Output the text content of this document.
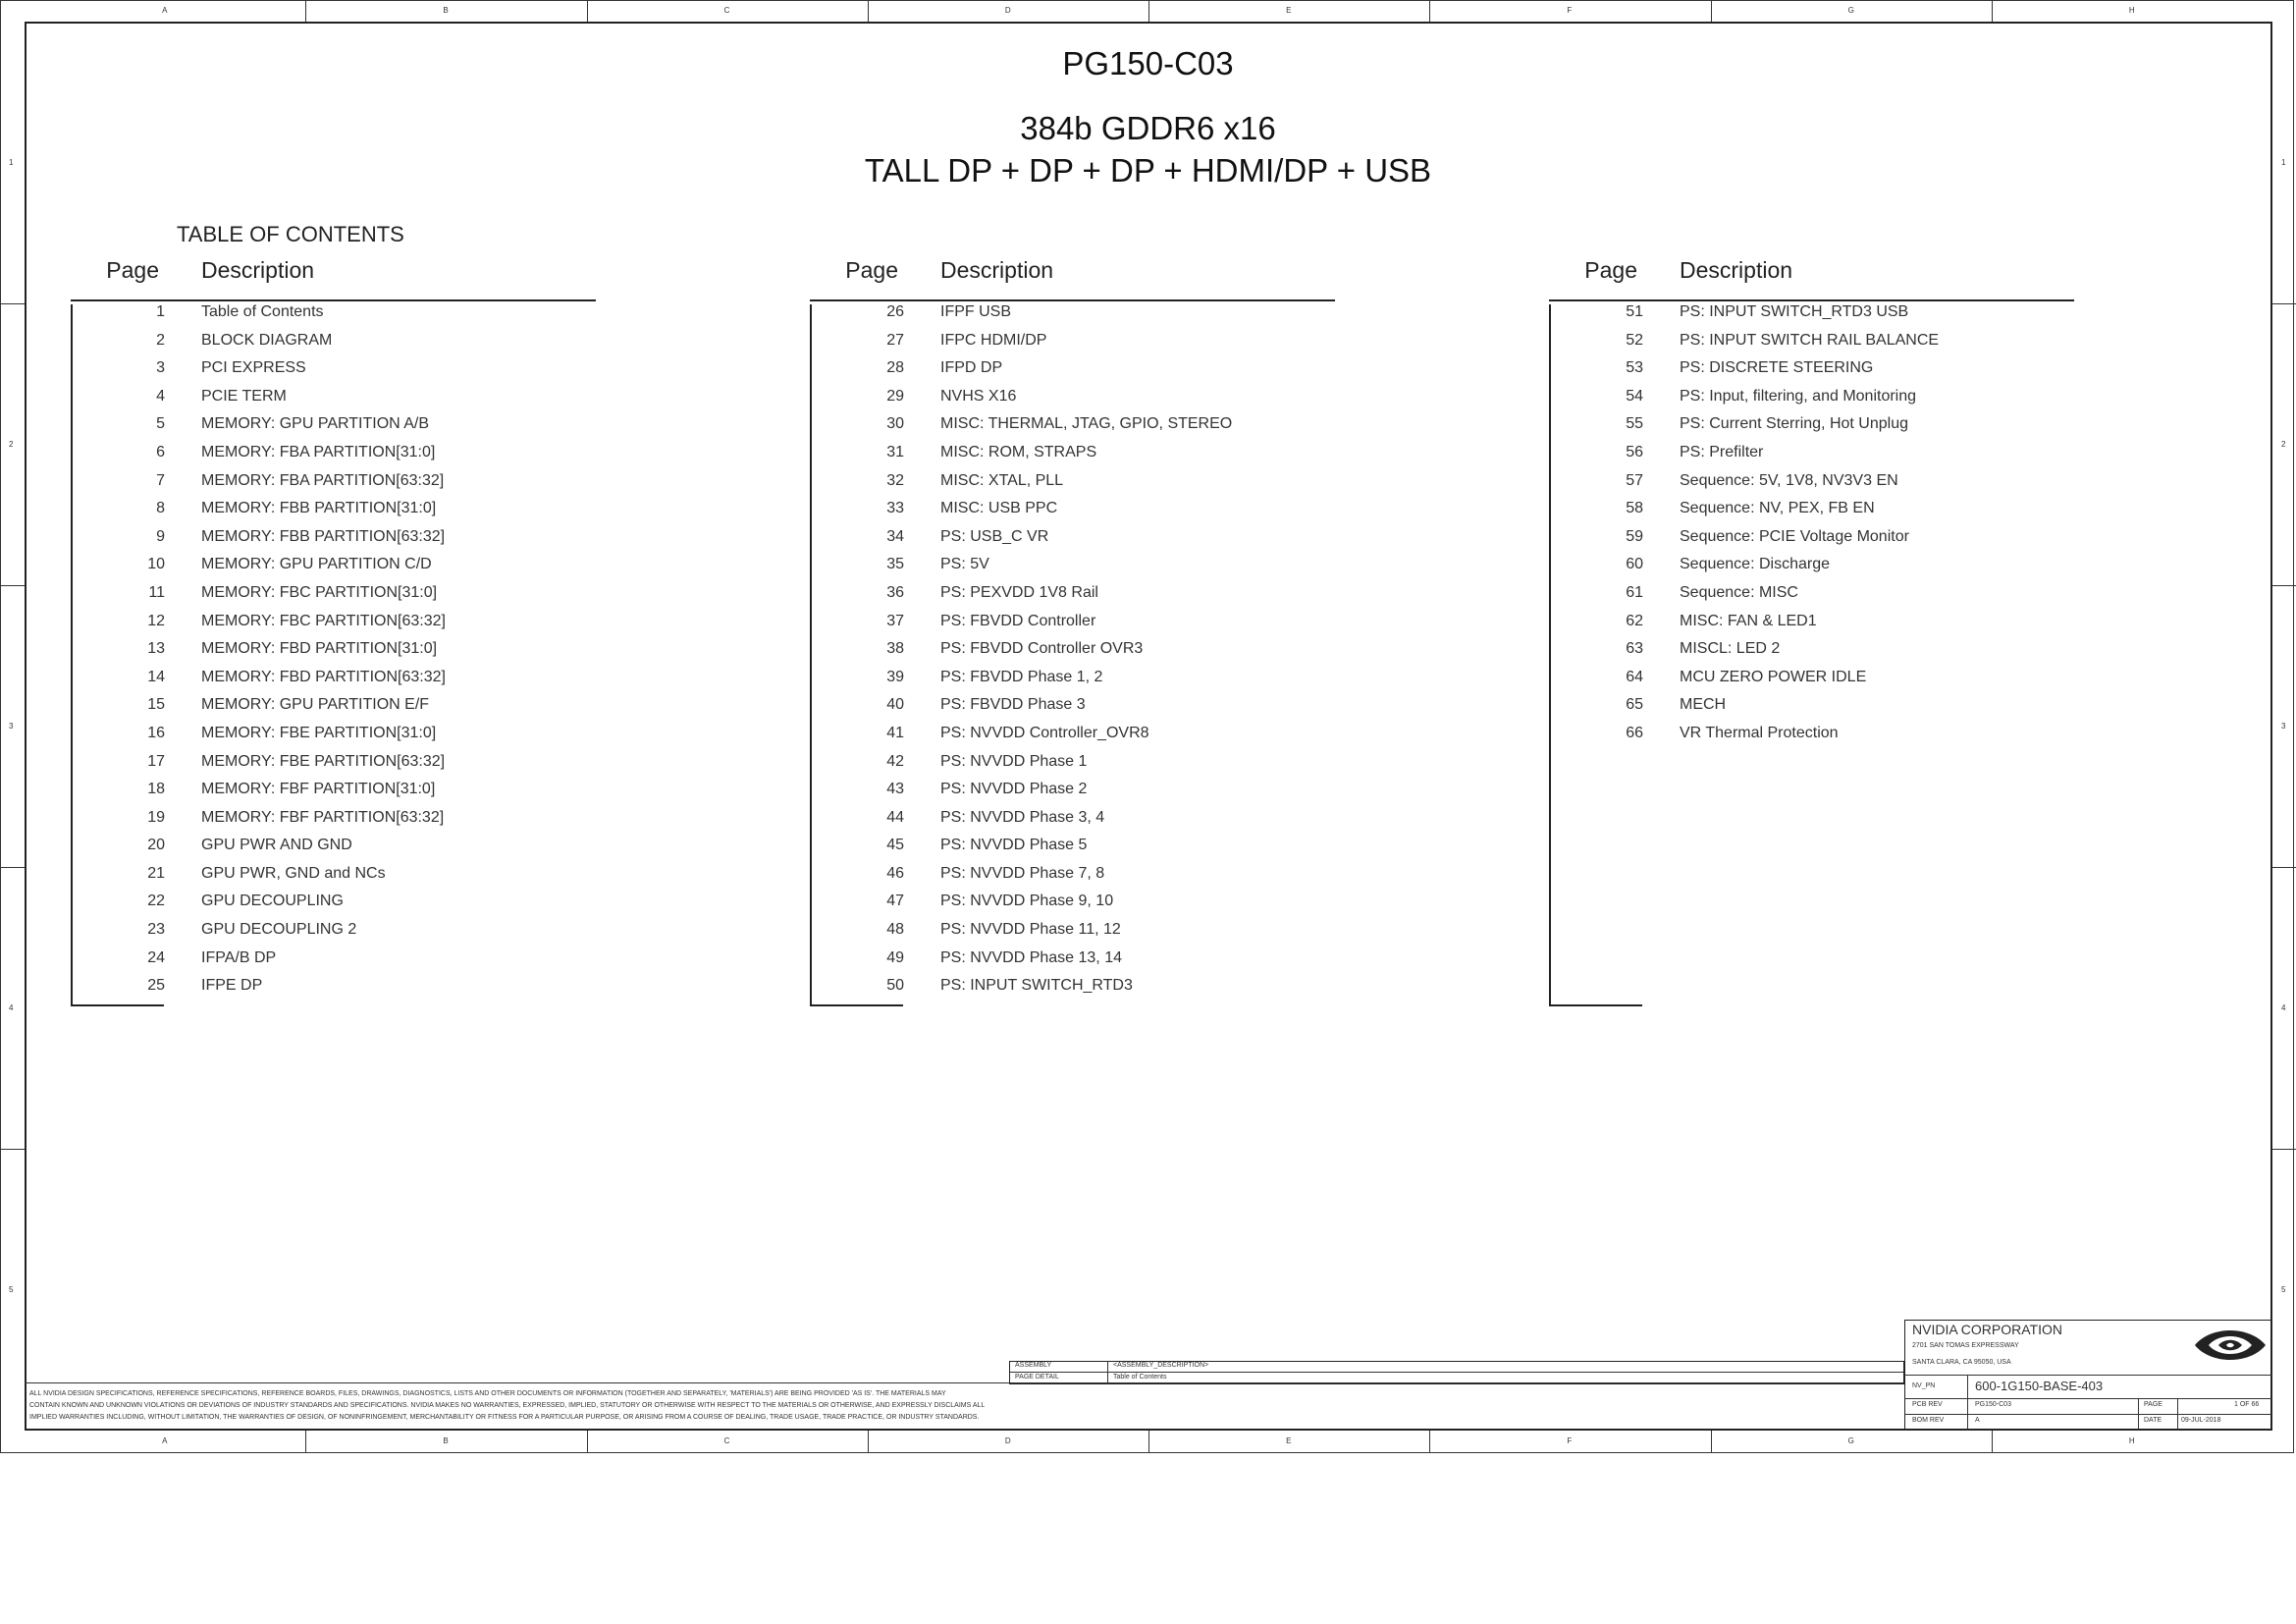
A	B	C	D	E	F	G	H
A	B	C	D	E	F	G	H
1
2
3
4
5
1
2
3
4
5
PG150-C03
384b GDDR6 x16
TALL DP + DP + DP + HDMI/DP + USB
TABLE OF CONTENTS
Page Description	Page Description	Page Description
1 Table of Contents
2 BLOCK DIAGRAM
3 PCI EXPRESS
4 PCIE TERM
5 MEMORY: GPU PARTITION A/B
6 MEMORY: FBA PARTITION[31:0]
7 MEMORY: FBA PARTITION[63:32]
8 MEMORY: FBB PARTITION[31:0]
9 MEMORY: FBB PARTITION[63:32]
10 MEMORY: GPU PARTITION C/D
11 MEMORY: FBC PARTITION[31:0]
12 MEMORY: FBC PARTITION[63:32]
13 MEMORY: FBD PARTITION[31:0]
14 MEMORY: FBD PARTITION[63:32]
15 MEMORY: GPU PARTITION E/F
16 MEMORY: FBE PARTITION[31:0]
17 MEMORY: FBE PARTITION[63:32]
18 MEMORY: FBF PARTITION[31:0]
19 MEMORY: FBF PARTITION[63:32]
20 GPU PWR AND GND
21 GPU PWR, GND and NCs
22 GPU DECOUPLING
23 GPU DECOUPLING 2
24 IFPA/B DP
25 IFPE DP
26 IFPF USB
27 IFPC HDMI/DP
28 IFPD DP
29 NVHS X16
30 MISC: THERMAL, JTAG, GPIO, STEREO
31 MISC: ROM, STRAPS
32 MISC: XTAL, PLL
33 MISC: USB PPC
34 PS: USB_C VR
35 PS: 5V
36 PS: PEXVDD 1V8 Rail
37 PS: FBVDD Controller
38 PS: FBVDD Controller OVR3
39 PS: FBVDD Phase 1, 2
40 PS: FBVDD Phase 3
41 PS: NVVDD Controller_OVR8
42 PS: NVVDD Phase 1
43 PS: NVVDD Phase 2
44 PS: NVVDD Phase 3, 4
45 PS: NVVDD Phase 5
46 PS: NVVDD Phase 7, 8
47 PS: NVVDD Phase 9, 10
48 PS: NVVDD Phase 11, 12
49 PS: NVVDD Phase 13, 14
50 PS: INPUT SWITCH_RTD3
51 PS: INPUT SWITCH_RTD3 USB
52 PS: INPUT SWITCH RAIL BALANCE
53 PS: DISCRETE STEERING
54 PS: Input, filtering, and Monitoring
55 PS: Current Sterring, Hot Unplug
56 PS: Prefilter
57 Sequence: 5V, 1V8, NV3V3 EN
58 Sequence: NV, PEX, FB EN
59 Sequence: PCIE Voltage Monitor
60 Sequence: Discharge
61 Sequence: MISC
62 MISC: FAN & LED1
63 MISCL: LED 2
64 MCU ZERO POWER IDLE
65 MECH
66 VR Thermal Protection
ALL NVIDIA DESIGN SPECIFICATIONS, REFERENCE SPECIFICATIONS, REFERENCE BOARDS, FILES, DRAWINGS, DIAGNOSTICS, LISTS AND OTHER DOCUMENTS OR INFORMATION (TOGETHER AND SEPARATELY, 'MATERIALS') ARE BEING PROVIDED 'AS IS'. THE MATERIALS MAY
CONTAIN KNOWN AND UNKNOWN VIOLATIONS OR DEVIATIONS OF INDUSTRY STANDARDS AND SPECIFICATIONS. NVIDIA MAKES NO WARRANTIES, EXPRESSED, IMPLIED, STATUTORY OR OTHERWISE WITH RESPECT TO THE MATERIALS OR OTHERWISE, AND EXPRESSLY DISCLAIMS ALL
IMPLIED WARRANTIES INCLUDING, WITHOUT LIMITATION, THE WARRANTIES OF DESIGN, OF NONINFRINGEMENT, MERCHANTABILITY OR FITNESS FOR A PARTICULAR PURPOSE, OR ARISING FROM A COURSE OF DEALING, TRADE USAGE, TRADE PRACTICE, OR INDUSTRY STANDARDS.
ASSEMBLY	<ASSEMBLY_DESCRIPTION>
PAGE DETAIL	Table of Contents
NVIDIA CORPORATION
2701 SAN TOMAS EXPRESSWAY
SANTA CLARA, CA 95050, USA
NV_PN	600-1G150-BASE-403
PCB REV	PG150-C03
BOM REV	A
PAGE	1 OF 66
DATE	09-JUL-2018
